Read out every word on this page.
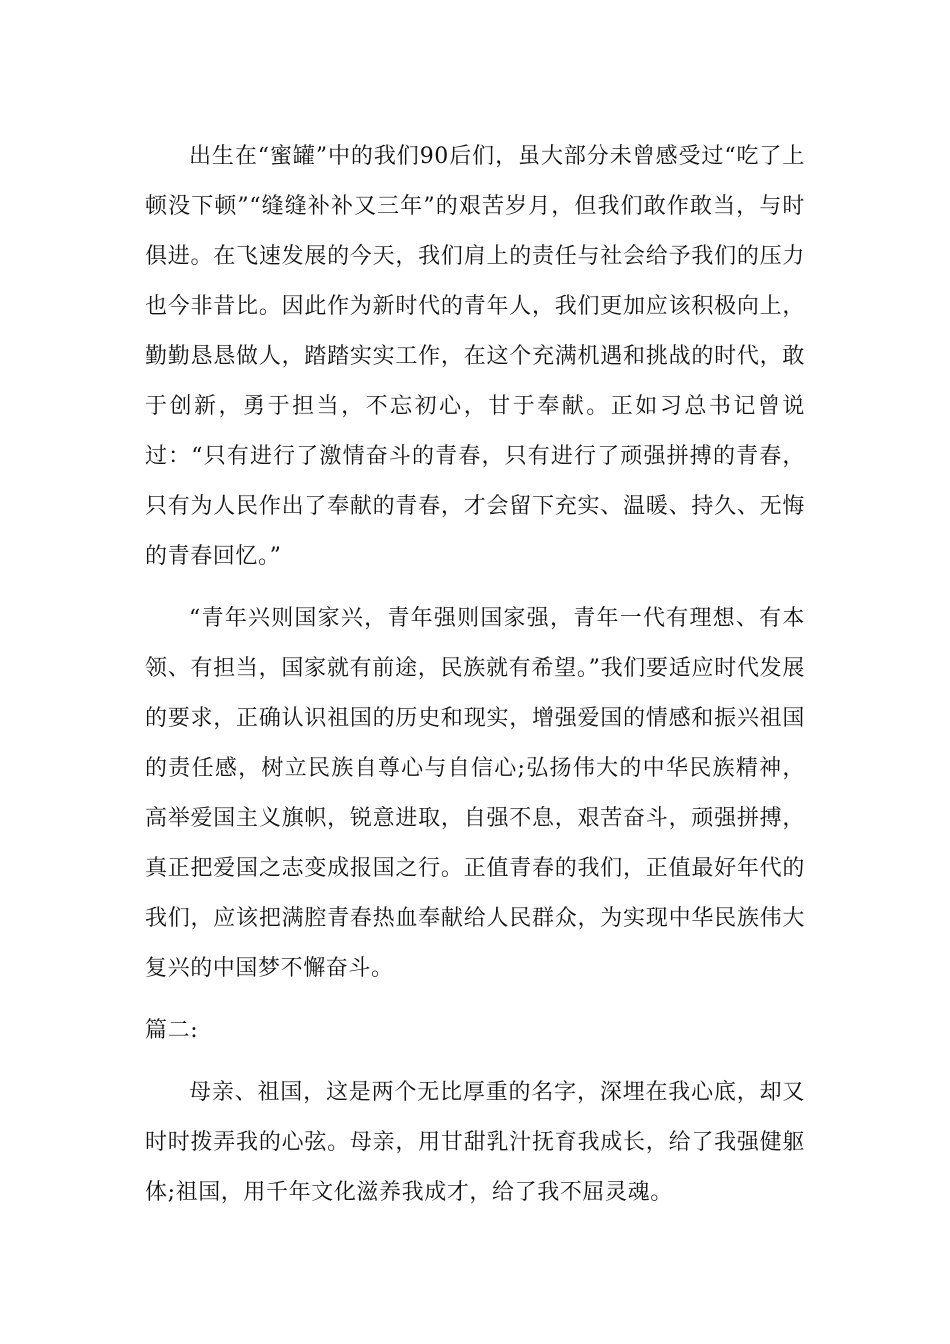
出生在“蜜罐”中的我们90后们，虽大部分未曾感受过“吃了上顿没下顿”“缝缝补补又三年”的艰苦岁月，但我们敢作敢当，与时俱进。在飞速发展的今天，我们肩上的责任与社会给予我们的压力也今非昔比。因此作为新时代的青年人，我们更加应该积极向上，勤勤恳恳做人，踏踏实实工作，在这个充满机遇和挑战的时代，敢于创新，勇于担当，不忘初心，甘于奉献。正如习总书记曾说过：“只有进行了激情奋斗的青春，只有进行了顽强拼搏的青春，只有为人民作出了奉献的青春，才会留下充实、温暖、持久、无悔的青春回忆。”

“青年兴则国家兴，青年强则国家强，青年一代有理想、有本领、有担当，国家就有前途，民族就有希望。”我们要适应时代发展的要求，正确认识祖国的历史和现实，增强爱国的情感和振兴祖国的责任感，树立民族自尊心与自信心;弘扬伟大的中华民族精神，高举爱国主义旗帜，锐意进取，自强不息，艰苦奋斗，顽强拼搏，真正把爱国之志变成报国之行。正值青春的我们，正值最好年代的我们，应该把满腔青春热血奉献给人民群众，为实现中华民族伟大复兴的中国梦不懈奋斗。

篇二:

母亲、祖国，这是两个无比厚重的名字，深埋在我心底，却又时时拨弄我的心弦。母亲，用甘甜乳汁抚育我成长，给了我强健躯体;祖国，用千年文化滋养我成才，给了我不屈灵魂。
